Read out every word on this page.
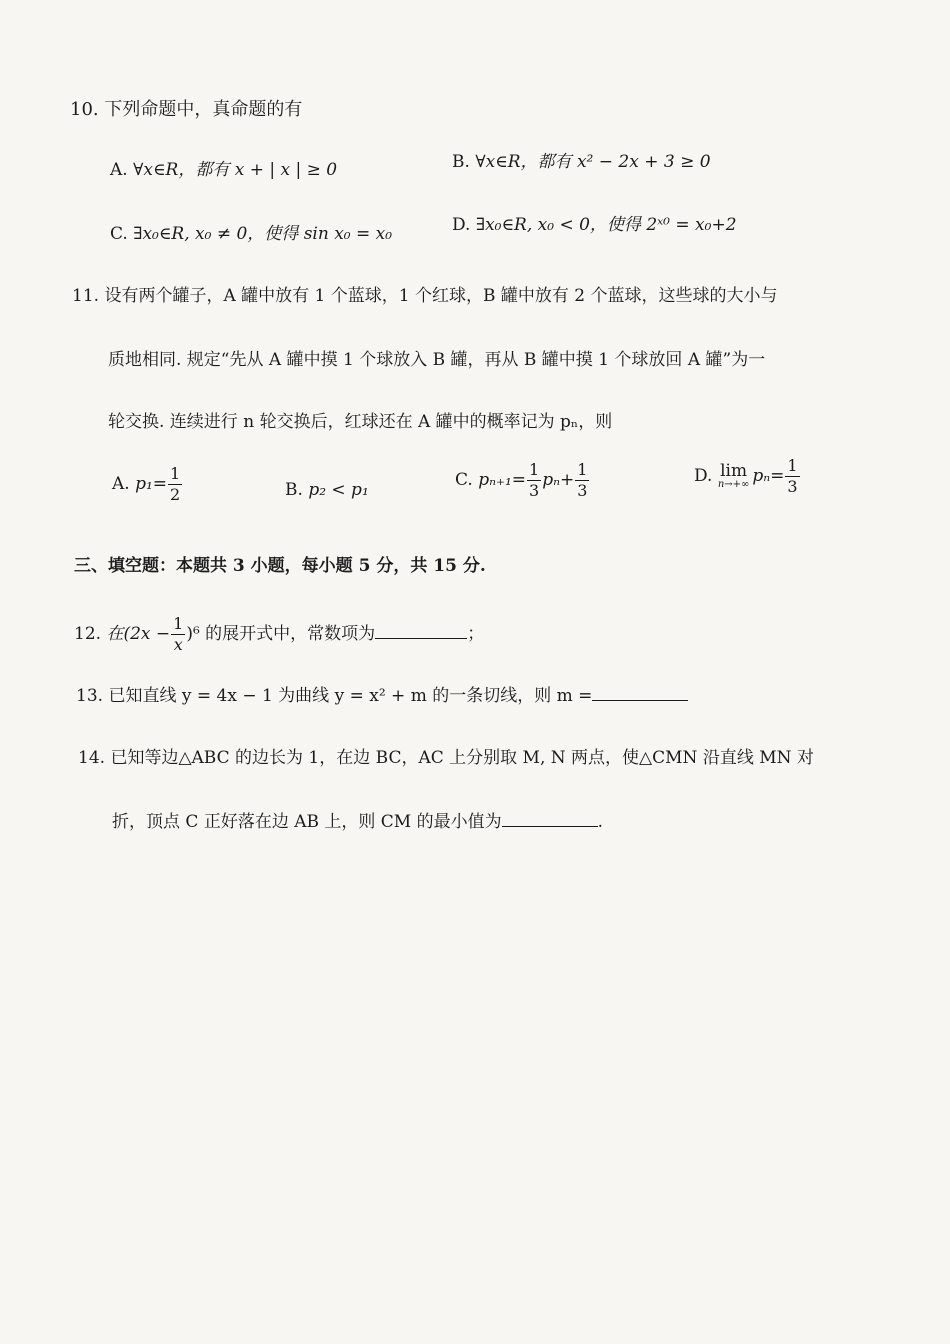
10. 下列命题中，真命题的有
A. ∀x∈R，都有 x + | x | ≥ 0	B. ∀x∈R，都有 x² − 2x + 3 ≥ 0
C. ∃x₀∈R, x₀ ≠ 0，使得 sin x₀ = x₀	D. ∃x₀∈R, x₀ < 0，使得 2ˣ⁰ = x₀+2
11. 设有两个罐子，A 罐中放有 1 个蓝球，1 个红球，B 罐中放有 2 个蓝球，这些球的大小与
质地相同. 规定“先从 A 罐中摸 1 个球放入 B 罐，再从 B 罐中摸 1 个球放回 A 罐”为一
轮交换. 连续进行 n 轮交换后，红球还在 A 罐中的概率记为 pₙ，则
A. $p_1= \frac{1}{2}$	B. p₂ < p₁	C. $p_{n+1}= \frac{1}{3} p_n+ \frac{1}{3}$	D. lim
n→+∞ $p_n= \frac{1}{3}$
三、填空题：本题共 3 小题，每小题 5 分，共 15 分.
12. 在$(2x - \frac{1}{x} )^6$ 的展开式中，常数项为	；
13. 已知直线 y = 4x − 1 为曲线 y = x² + m 的一条切线，则 m =
14. 已知等边△ABC 的边长为 1，在边 BC，AC 上分别取 M, N 两点，使△CMN 沿直线 MN 对
折，顶点 C 正好落在边 AB 上，则 CM 的最小值为	.
